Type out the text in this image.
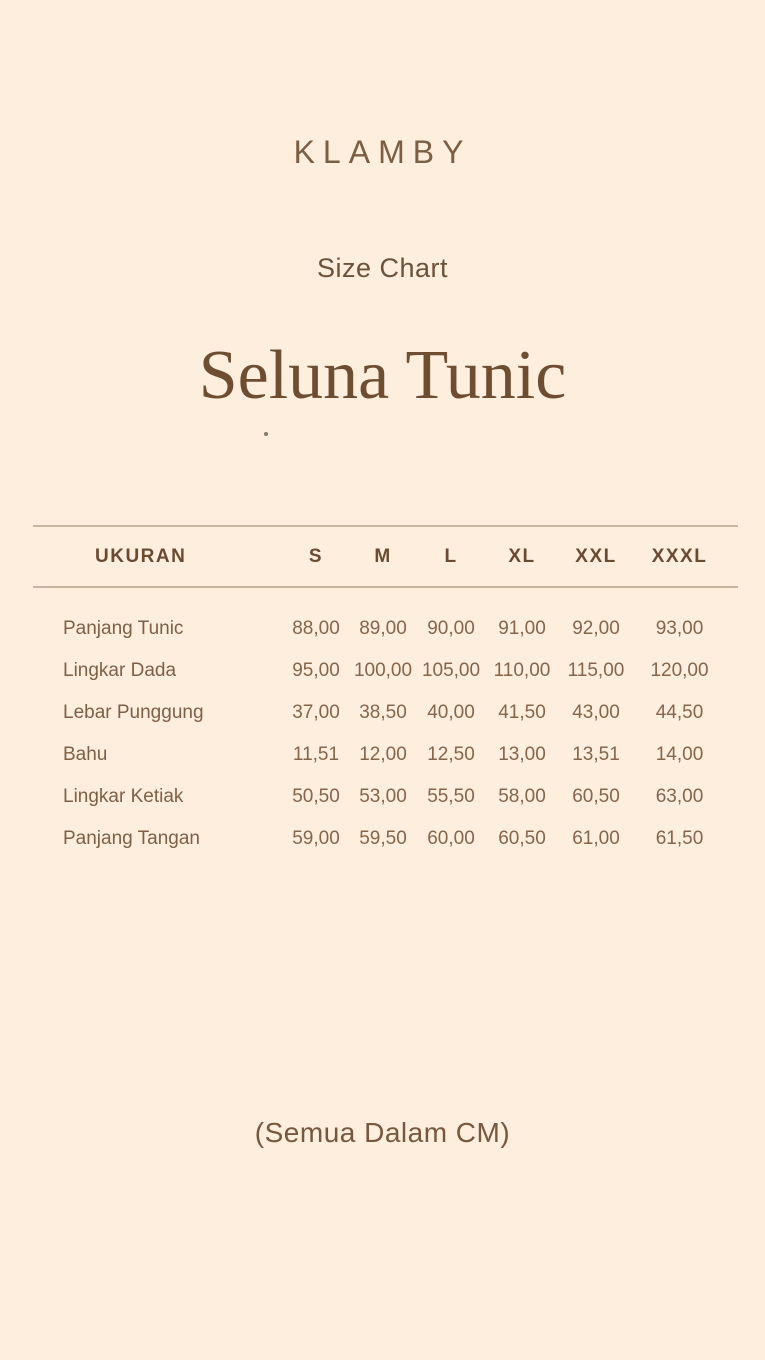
KLAMBY
Size Chart
Seluna Tunic
UKURAN	S	M	L	XL	XXL	XXXL
Panjang Tunic	88,00	89,00	90,00	91,00	92,00	93,00
Lingkar Dada	95,00	100,00	105,00	110,00	115,00	120,00
Lebar Punggung	37,00	38,50	40,00	41,50	43,00	44,50
Bahu	11,51	12,00	12,50	13,00	13,51	14,00
Lingkar Ketiak	50,50	53,00	55,50	58,00	60,50	63,00
Panjang Tangan	59,00	59,50	60,00	60,50	61,00	61,50
(Semua Dalam CM)
